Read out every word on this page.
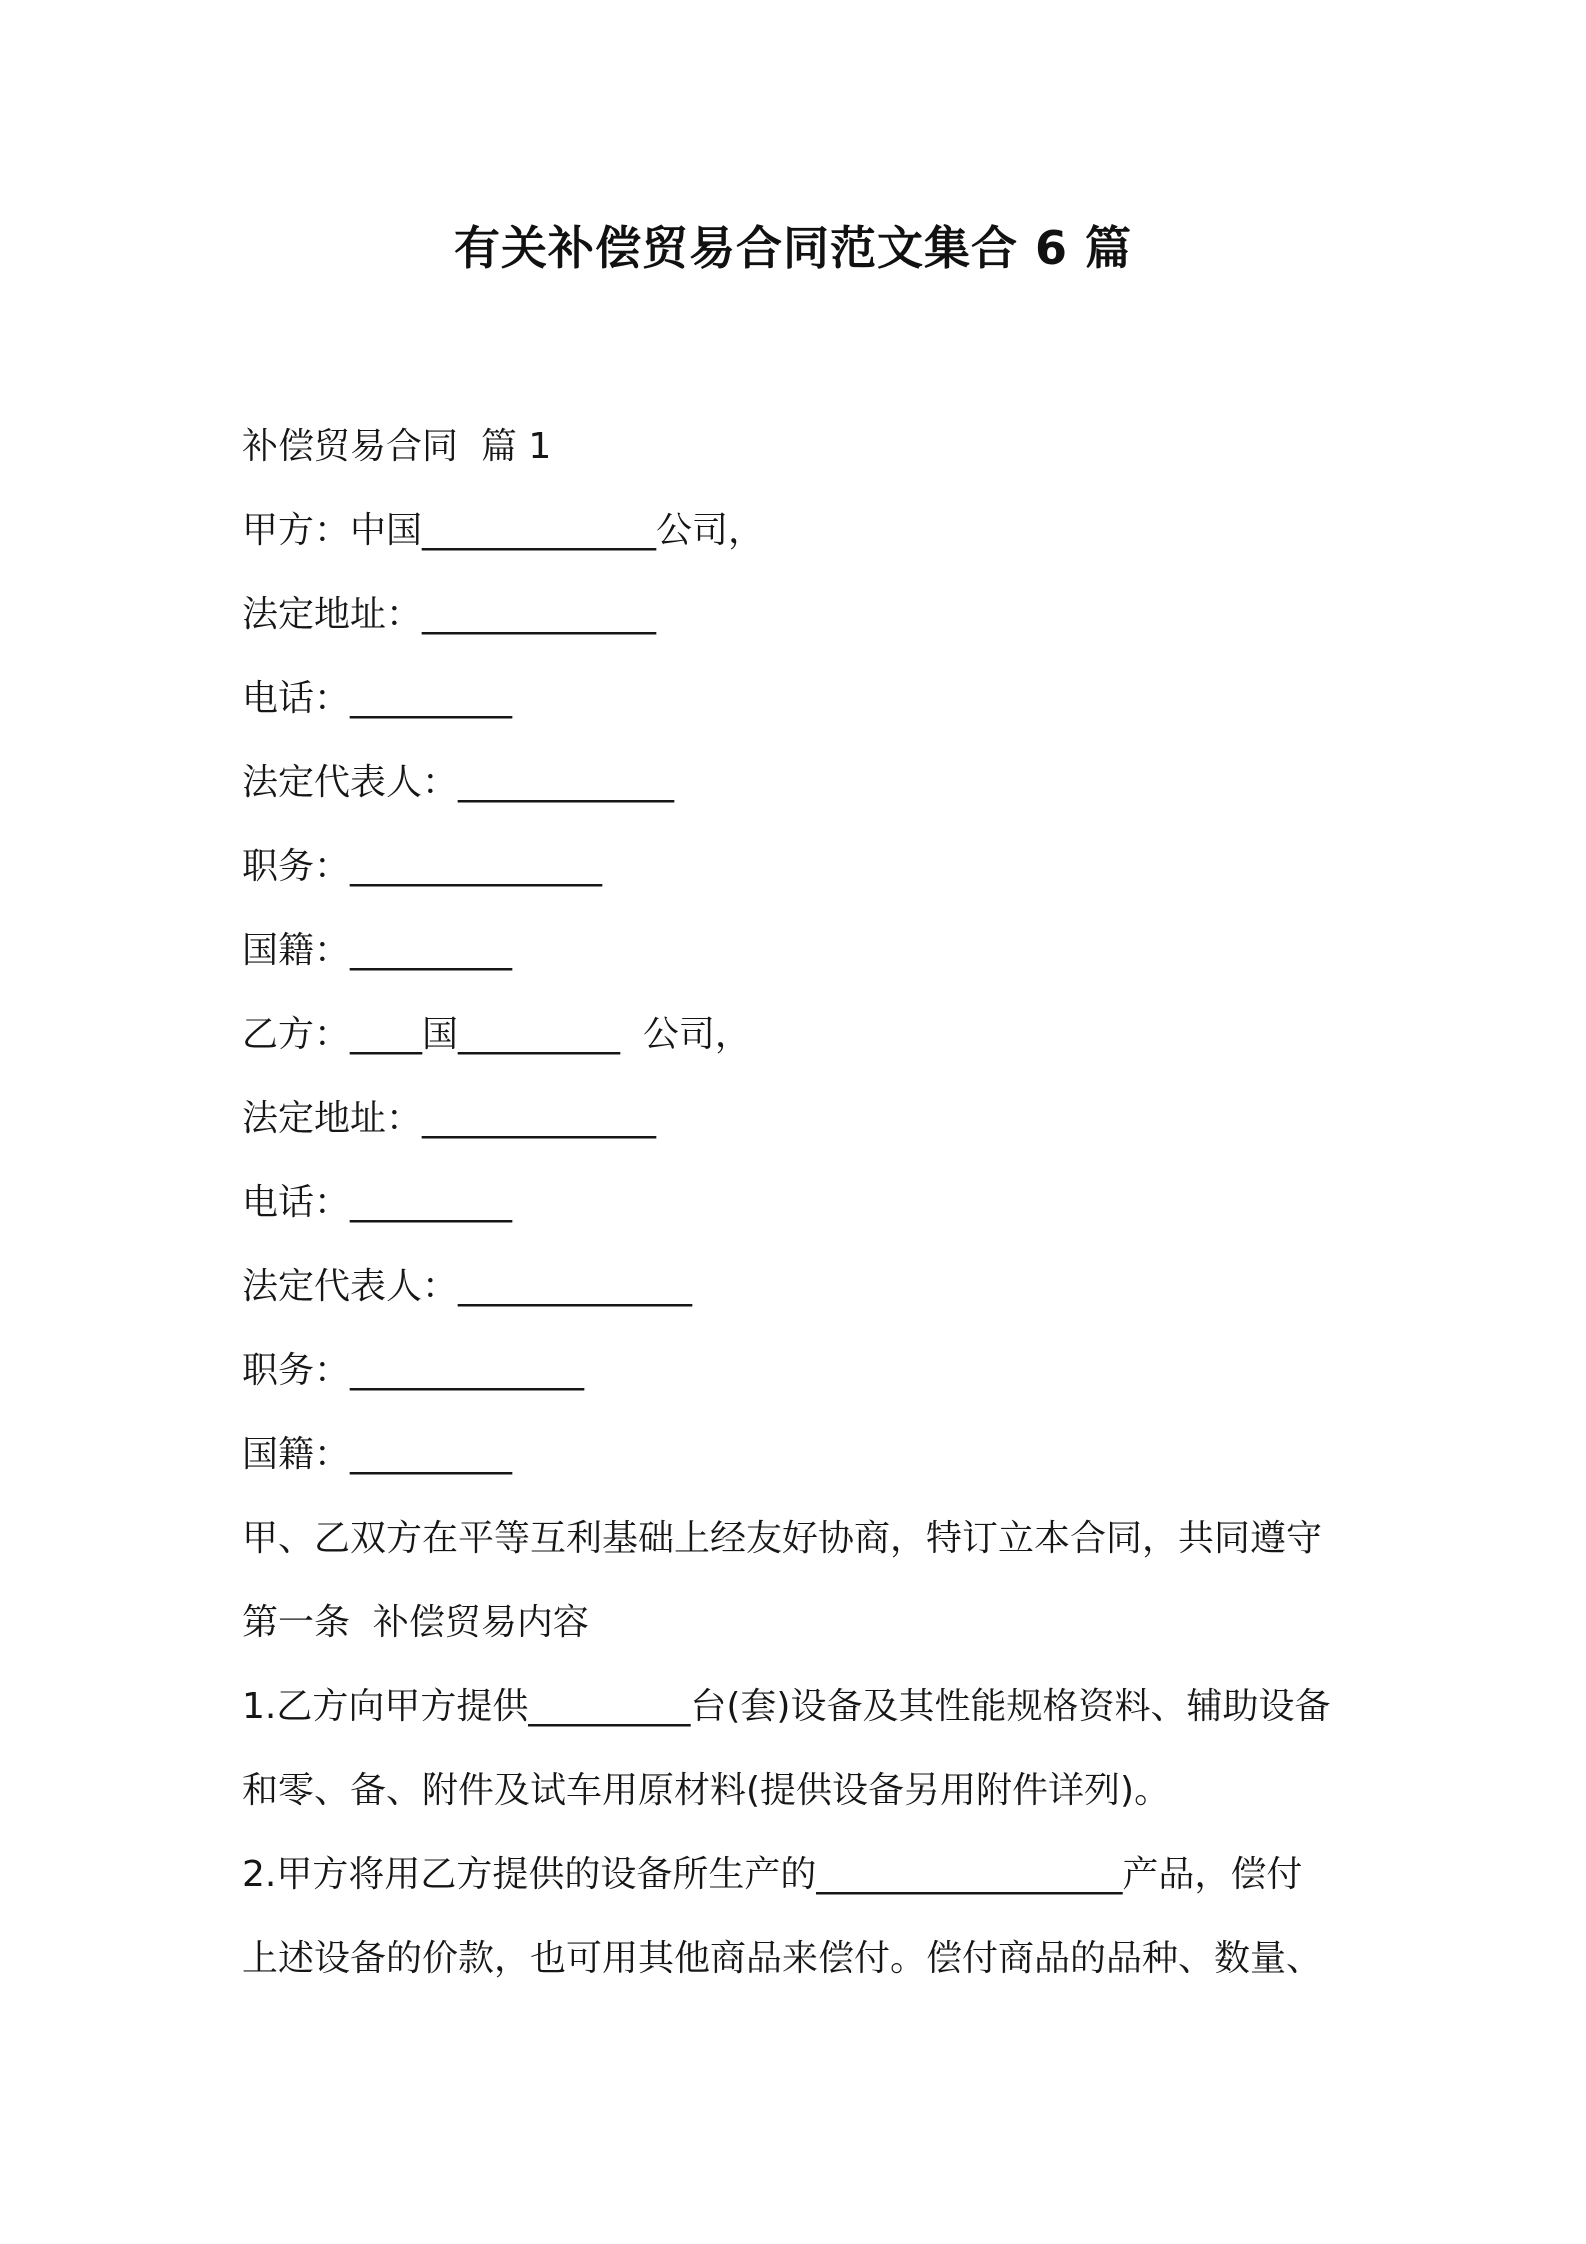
有关补偿贸易合同范文集合 6 篇
补偿贸易合同  篇 1
甲方：中国_____________公司，
法定地址：_____________
电话：_________
法定代表人：____________
职务：______________
国籍：_________
乙方：____国_________  公司，
法定地址：_____________
电话：_________
法定代表人：_____________
职务：_____________
国籍：_________
甲、乙双方在平等互利基础上经友好协商，特订立本合同，共同遵守
第一条  补偿贸易内容
1.乙方向甲方提供_________台(套)设备及其性能规格资料、辅助设备
和零、备、附件及试车用原材料(提供设备另用附件详列)。
2.甲方将用乙方提供的设备所生产的_________________产品，偿付
上述设备的价款，也可用其他商品来偿付。偿付商品的品种、数量、
